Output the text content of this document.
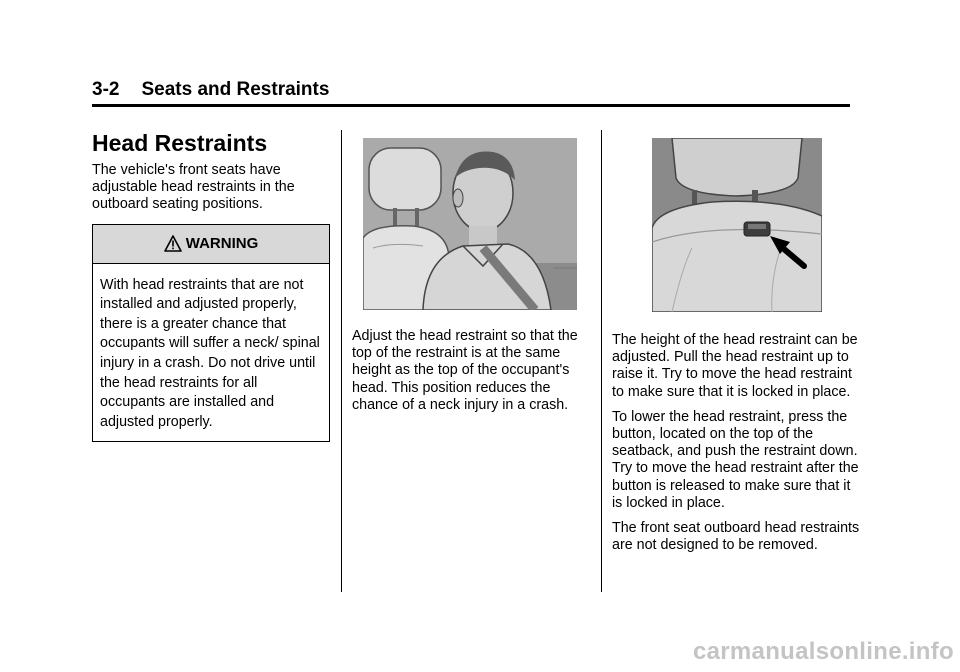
3-2 Seats and Restraints
Head Restraints

The vehicle's front seats have adjustable head restraints in the outboard seating positions.

WARNING
With head restraints that are not installed and adjusted properly, there is a greater chance that occupants will suffer a neck/ spinal injury in a crash. Do not drive until the head restraints for all occupants are installed and adjusted properly.

Adjust the head restraint so that the top of the restraint is at the same height as the top of the occupant's head. This position reduces the chance of a neck injury in a crash.

The height of the head restraint can be adjusted. Pull the head restraint up to raise it. Try to move the head restraint to make sure that it is locked in place.

To lower the head restraint, press the button, located on the top of the seatback, and push the restraint down. Try to move the head restraint after the button is released to make sure that it is locked in place.

The front seat outboard head restraints are not designed to be removed.

carmanualsonline.info
